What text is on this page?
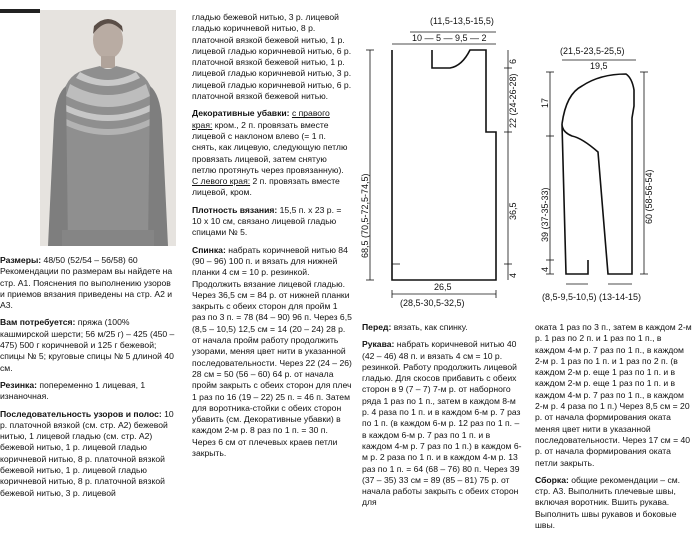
Размеры: 48/50 (52/54 – 56/58) 60 Рекомендации по размерам вы найдете на стр. А1. Пояснения по выполнению узоров и приемов вязания приведены на стр. А2 и А3.

Вам потребуется: пряжа (100% кашмирской шерсти; 56 м/25 г) – 425 (450 – 475) 500 г коричневой и 125 г бежевой; спицы № 5; круговые спицы № 5 длиной 40 см.

Резинка: попеременно 1 лицевая, 1 изнаночная.

Последовательность узоров и полос: 10 р. платочной вязкой (см. стр. А2) бежевой нитью, 1 лицевой гладью (см. стр. А2) бежевой нитью, 1 р. лицевой гладью коричневой нитью, 8 р. платочной вязкой бежевой нитью, 1 р. лицевой гладью коричневой нитью, 8 р. платочной вязкой бежевой нитью, 3 р. лицевой

гладью бежевой нитью, 3 р. лицевой гладью коричневой нитью, 8 р. платочной вязкой бежевой нитью, 1 р. лицевой гладью коричневой нитью, 6 р. платочной вязкой бежевой нитью, 1 р. лицевой гладью коричневой нитью, 3 р. лицевой гладью коричневой нитью, 6 р. платочной вязкой бежевой нитью.

Декоративные убавки: с правого края: кром., 2 п. провязать вместе лицевой с наклоном влево (= 1 п. снять, как лицевую, следующую петлю провязать лицевой, затем снятую петлю протянуть через провязанную). С левого края: 2 п. провязать вместе лицевой, кром.

Плотность вязания: 15,5 п. х 23 р. = 10 х 10 см, связано лицевой гладью спицами № 5.

Спинка: набрать коричневой нитью 84 (90 – 96) 100 п. и вязать для нижней планки 4 см = 10 р. резинкой. Продолжить вязание лицевой гладью. Через 36,5 см = 84 р. от нижней планки закрыть с обеих сторон для пройм 1 раз по 3 п. = 78 (84 – 90) 96 п. Через 6,5 (8,5 – 10,5) 12,5 см = 14 (20 – 24) 28 р. от начала пройм работу продолжить узорами, меняя цвет нити в указанной последовательности. Через 22 (24 – 26) 28 см = 50 (56 – 60) 64 р. от начала пройм закрыть с обеих сторон для плеч 1 раз по 16 (19 – 22) 25 п. = 46 п. Затем для воротника-стойки с обеих сторон убавить (см. Декоративные убавки) в каждом 2-м р. 8 раз по 1 п. = 30 п. Через 6 см от плечевых краев петли закрыть.

Перед: вязать, как спинку.

Рукава: набрать коричневой нитью 40 (42 – 46) 48 п. и вязать 4 см = 10 р. резинкой. Работу продолжить лицевой гладью. Для скосов прибавить с обеих сторон в 9 (7 – 7) 7-м р. от наборного ряда 1 раз по 1 п., затем в каждом 8-м р. 4 раза по 1 п. и в каждом 6-м р. 7 раз по 1 п. (в каждом 6-м р. 12 раз по 1 п. – в каждом 6-м р. 7 раз по 1 п. и в каждом 4-м р. 7 раз по 1 п.) в каждом 6-м р. 2 раза по 1 п. и в каждом 4-м р. 13 раз по 1 п. = 64 (68 – 76) 80 п. Через 39 (37 – 35) 33 см = 89 (85 – 81) 75 р. от начала работы закрыть с обеих сторон для

оката 1 раз по 3 п., затем в каждом 2-м р. 1 раз по 2 п. и 1 раз по 1 п., в каждом 4-м р. 7 раз по 1 п., в каждом 2-м р. 1 раз по 1 п. и 1 раз по 2 п. (в каждом 2-м р. еще 1 раз по 1 п. и в каждом 2-м р. еще 1 раз по 1 п. и в каждом 4-м р. 7 раз по 1 п., в каждом 2-м р. 4 раза по 1 п.) Через 8,5 см = 20 р. от начала формирования оката меняя цвет нити в указанной последовательности. Через 17 см = 40 р. от начала формирования оката петли закрыть.

Сборка: общие рекомендации – см. стр. А3. Выполнить плечевые швы, включая воротник. Вшить рукава. Выполнить швы рукавов и боковые швы.

(11,5-13,5-15,5)
10 — 5 — 9,5 — 2
6
22 (24-26-28)
36,5
4
68,5 (70,5-72,5-74,5)
26,5
(28,5-30,5-32,5)
(21,5-23,5-25,5)
19,5
17
39 (37-35-33)
4
60 (58-56-54)
(8,5-9,5-10,5) (13-14-15)
